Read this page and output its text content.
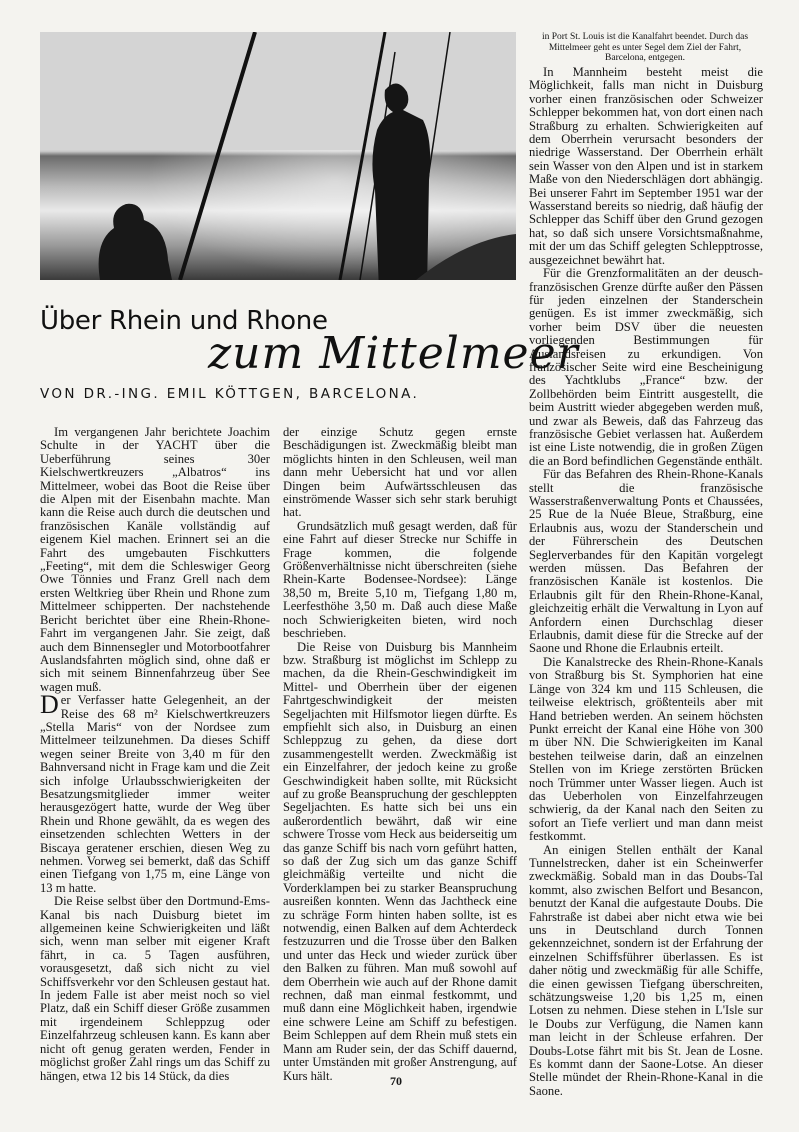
in Port St. Louis ist die Kanalfahrt beendet. Durch das Mittelmeer geht es unter Segel dem Ziel der Fahrt, Barcelona, entgegen.
Über Rhein und Rhone
zum Mittelmeer
VON DR.-ING. EMIL KÖTTGEN, BARCELONA.

Im vergangenen Jahr berichtete Joachim Schulte in der YACHT über die Ueberführung seines 30er Kielschwertkreuzers „Albatros“ ins Mittelmeer, wobei das Boot die Reise über die Alpen mit der Eisenbahn machte. Man kann die Reise auch durch die deutschen und französischen Kanäle vollständig auf eigenem Kiel machen. Erinnert sei an die Fahrt des umgebauten Fischkutters „Feeting“, mit dem die Schleswiger Georg Owe Tönnies und Franz Grell nach dem ersten Weltkrieg über Rhein und Rhone zum Mittelmeer schipperten. Der nachstehende Bericht berichtet über eine Rhein-Rhone-Fahrt im vergangenen Jahr. Sie zeigt, daß auch dem Binnensegler und Motorbootfahrer Auslandsfahrten möglich sind, ohne daß er sich mit seinem Binnenfahrzeug über See wagen muß.

Der Verfasser hatte Gelegenheit, an der Reise des 68 m² Kielschwertkreuzers „Stella Maris“ von der Nordsee zum Mittelmeer teilzunehmen. Da dieses Schiff wegen seiner Breite von 3,40 m für den Bahnversand nicht in Frage kam und die Zeit sich infolge Urlaubsschwierigkeiten der Besatzungsmitglieder immer weiter herausgezögert hatte, wurde der Weg über Rhein und Rhone gewählt, da es wegen des einsetzenden schlechten Wetters in der Biscaya geratener erschien, diesen Weg zu nehmen. Vorweg sei bemerkt, daß das Schiff einen Tiefgang von 1,75 m, eine Länge von 13 m hatte.

Die Reise selbst über den Dortmund-Ems-Kanal bis nach Duisburg bietet im allgemeinen keine Schwierigkeiten und läßt sich, wenn man selber mit eigener Kraft fährt, in ca. 5 Tagen ausführen, vorausgesetzt, daß sich nicht zu viel Schiffsverkehr vor den Schleusen gestaut hat. In jedem Falle ist aber meist noch so viel Platz, daß ein Schiff dieser Größe zusammen mit irgendeinem Schleppzug oder Einzelfahrzeug schleusen kann. Es kann aber nicht oft genug geraten werden, Fender in möglichst großer Zahl rings um das Schiff zu hängen, etwa 12 bis 14 Stück, da dies

der einzige Schutz gegen ernste Beschädigungen ist. Zweckmäßig bleibt man möglichts hinten in den Schleusen, weil man dann mehr Uebersicht hat und vor allen Dingen beim Aufwärtsschleusen das einströmende Wasser sich sehr stark beruhigt hat.

Grundsätzlich muß gesagt werden, daß für eine Fahrt auf dieser Strecke nur Schiffe in Frage kommen, die folgende Größenverhältnisse nicht überschreiten (siehe Rhein-Karte Bodensee-Nordsee): Länge 38,50 m, Breite 5,10 m, Tiefgang 1,80 m, Leerfesthöhe 3,50 m. Daß auch diese Maße noch Schwierigkeiten bieten, wird noch beschrieben.

Die Reise von Duisburg bis Mannheim bzw. Straßburg ist möglichst im Schlepp zu machen, da die Rhein-Geschwindigkeit im Mittel- und Oberrhein über der eigenen Fahrtgeschwindigkeit der meisten Segeljachten mit Hilfsmotor liegen dürfte. Es empfiehlt sich also, in Duisburg an einen Schleppzug zu gehen, da diese dort zusammengestellt werden. Zweckmäßig ist ein Einzelfahrer, der jedoch keine zu große Geschwindigkeit haben sollte, mit Rücksicht auf zu große Beanspruchung der geschleppten Segeljachten. Es hatte sich bei uns ein außerordentlich bewährt, daß wir eine schwere Trosse vom Heck aus beiderseitig um das ganze Schiff bis nach vorn geführt hatten, so daß der Zug sich um das ganze Schiff gleichmäßig verteilte und nicht die Vorderklampen bei zu starker Beanspruchung ausreißen konnten. Wenn das Jachtheck eine zu schräge Form hinten haben sollte, ist es notwendig, einen Balken auf dem Achterdeck festzuzurren und die Trosse über den Balken und unter das Heck und wieder zurück über den Balken zu führen. Man muß sowohl auf dem Oberrhein wie auch auf der Rhone damit rechnen, daß man einmal festkommt, und muß dann eine Möglichkeit haben, irgendwie eine schwere Leine am Schiff zu befestigen. Beim Schleppen auf dem Rhein muß stets ein Mann am Ruder sein, der das Schiff dauernd, unter Umständen mit großer Anstrengung, auf Kurs hält.

In Mannheim besteht meist die Möglichkeit, falls man nicht in Duisburg vorher einen französischen oder Schweizer Schlepper bekommen hat, von dort einen nach Straßburg zu erhalten. Schwierigkeiten auf dem Oberrhein verursacht besonders der niedrige Wasserstand. Der Oberrhein erhält sein Wasser von den Alpen und ist in starkem Maße von den Niederschlägen dort abhängig. Bei unserer Fahrt im September 1951 war der Wasserstand bereits so niedrig, daß häufig der Schlepper das Schiff über den Grund gezogen hat, so daß sich unsere Vorsichtsmaßnahme, mit der um das Schiff gelegten Schlepptrosse, ausgezeichnet bewährt hat.

Für die Grenzformalitäten an der deusch-französischen Grenze dürfte außer den Pässen für jeden einzelnen der Standerschein genügen. Es ist immer zweckmäßig, sich vorher beim DSV über die neuesten vorliegenden Bestimmungen für Auslandsreisen zu erkundigen. Von französischer Seite wird eine Bescheinigung des Yachtklubs „France“ bzw. der Zollbehörden beim Eintritt ausgestellt, die beim Austritt wieder abgegeben werden muß, und zwar als Beweis, daß das Fahrzeug das französische Gebiet verlassen hat. Außerdem ist eine Liste notwendig, die in großen Zügen die an Bord befindlichen Gegenstände enthält.

Für das Befahren des Rhein-Rhone-Kanals stellt die französische Wasserstraßenverwaltung Ponts et Chaussées, 25 Rue de la Nuée Bleue, Straßburg, eine Erlaubnis aus, wozu der Standerschein und der Führerschein des Deutschen Seglerverbandes für den Kapitän vorgelegt werden müssen. Das Befahren der französischen Kanäle ist kostenlos. Die Erlaubnis gilt für den Rhein-Rhone-Kanal, gleichzeitig erhält die Verwaltung in Lyon auf Anfordern einen Durchschlag dieser Erlaubnis, damit diese für die Strecke auf der Saone und Rhone die Erlaubnis erteilt.

Die Kanalstrecke des Rhein-Rhone-Kanals von Straßburg bis St. Symphorien hat eine Länge von 324 km und 115 Schleusen, die teilweise elektrisch, größtenteils aber mit Hand betrieben werden. An seinem höchsten Punkt erreicht der Kanal eine Höhe von 300 m über NN. Die Schwierigkeiten im Kanal bestehen teilweise darin, daß an einzelnen Stellen von im Kriege zerstörten Brücken noch Trümmer unter Wasser liegen. Auch ist das Ueberholen von Einzelfahrzeugen schwierig, da der Kanal nach den Seiten zu sofort an Tiefe verliert und man dann meist festkommt.

An einigen Stellen enthält der Kanal Tunnelstrecken, daher ist ein Scheinwerfer zweckmäßig. Sobald man in das Doubs-Tal kommt, also zwischen Belfort und Besancon, benutzt der Kanal die aufgestaute Doubs. Die Fahrstraße ist dabei aber nicht etwa wie bei uns in Deutschland durch Tonnen gekennzeichnet, sondern ist der Erfahrung der einzelnen Schiffsführer überlassen. Es ist daher nötig und zweckmäßig für alle Schiffe, die einen gewissen Tiefgang überschreiten, schätzungsweise 1,20 bis 1,25 m, einen Lotsen zu nehmen. Diese stehen in L'Isle sur le Doubs zur Verfügung, die Namen kann man leicht in der Schleuse erfahren. Der Doubs-Lotse fährt mit bis St. Jean de Losne. Es kommt dann der Saone-Lotse. An dieser Stelle mündet der Rhein-Rhone-Kanal in die Saone.

70
